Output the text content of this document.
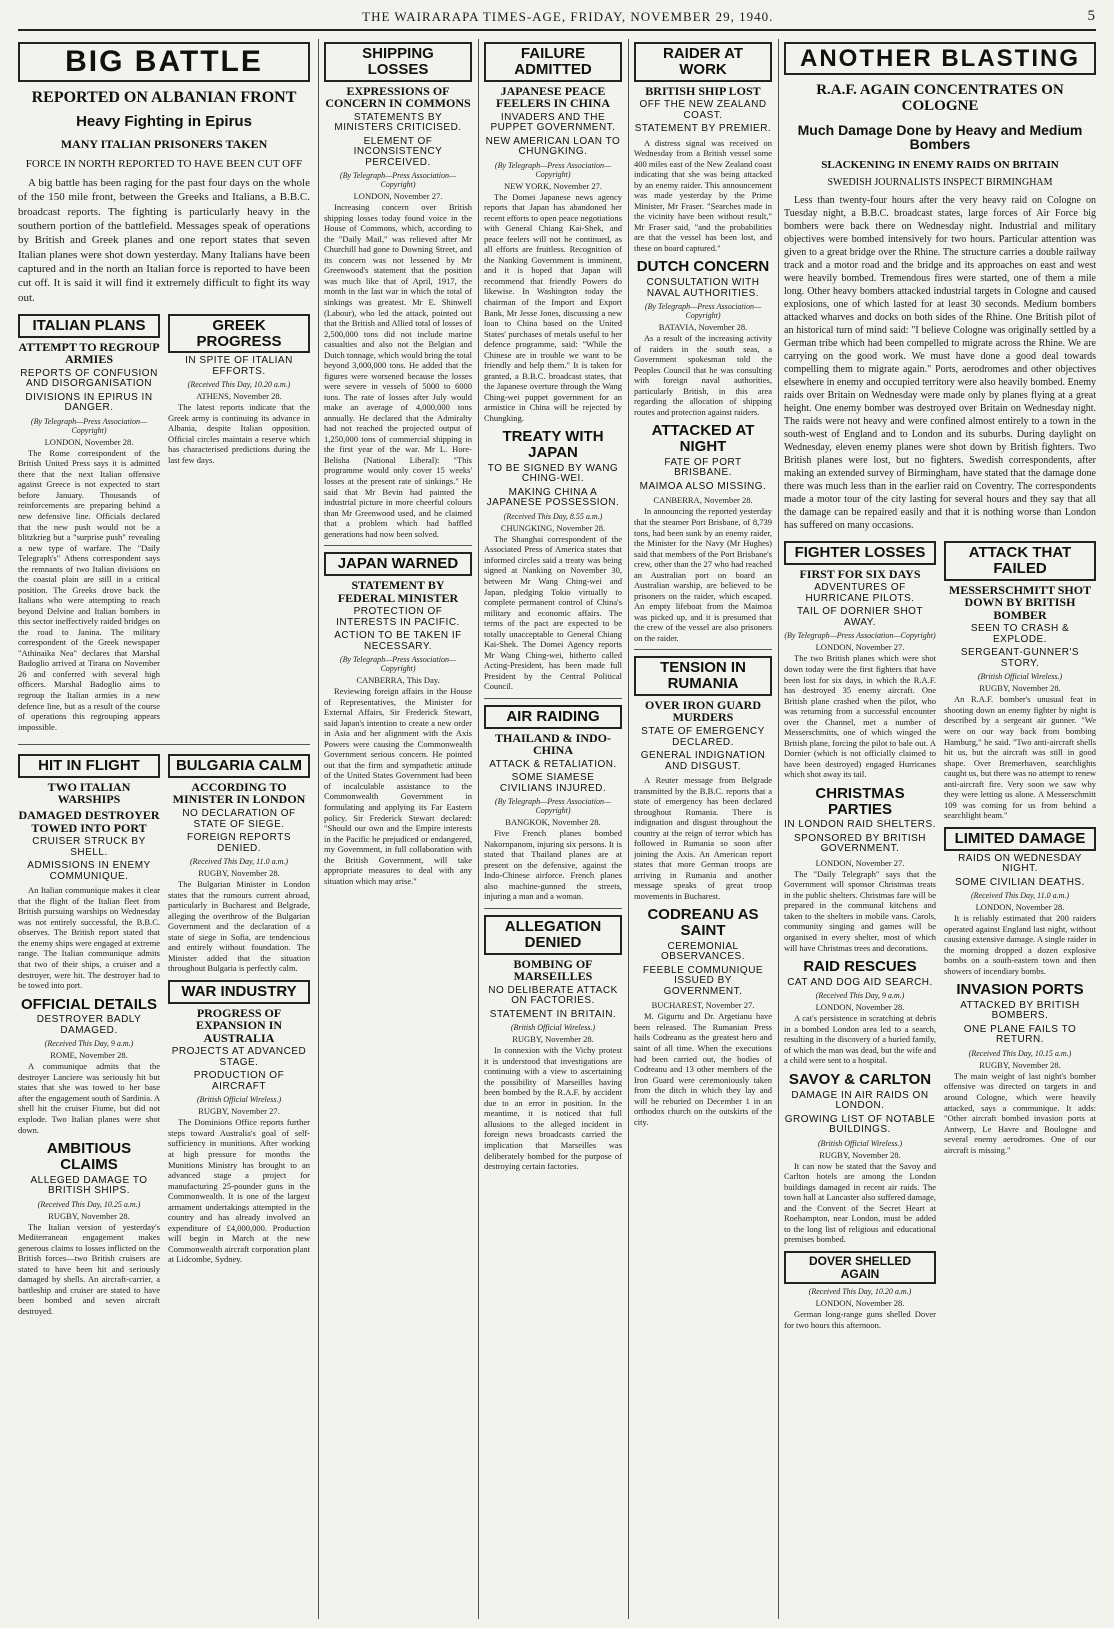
THE WAIRARAPA TIMES-AGE, FRIDAY, NOVEMBER 29, 1940.	5
BIG BATTLE
REPORTED ON ALBANIAN FRONT
Heavy Fighting in Epirus
MANY ITALIAN PRISONERS TAKEN
FORCE IN NORTH REPORTED TO HAVE BEEN CUT OFF

A big battle has been raging for the past four days on the whole of the 150 mile front, between the Greeks and Italians, a B.B.C. broadcast reports. The fighting is particularly heavy in the southern portion of the battlefield. Messages speak of operations by British and Greek planes and one report states that seven Italian planes were shot down yesterday. Many Italians have been captured and in the north an Italian force is reported to have been cut off. It is said it will find it extremely difficult to fight its way out.

ITALIAN PLANS
ATTEMPT TO REGROUP ARMIES
REPORTS OF CONFUSION AND DISORGANISATION
DIVISIONS IN EPIRUS IN DANGER.
(By Telegraph—Press Association—Copyright)
LONDON, November 28.

The Rome correspondent of the British United Press says it is admitted there that the next Italian offensive against Greece is not expected to start before January. Thousands of reinforcements are preparing behind a new defensive line. Officials declared that the new push would not be a blitzkrieg but a "surprise push" revealing a new type of warfare. The "Daily Telegraph's" Athens correspondent says the remnants of two Italian divisions on the coastal plain are still in a critical position. The Greeks drove back the Italians who were attempting to reach beyond Delvine and Italian bombers in this sector ineffectively raided bridges on the road to Janina. The military correspondent of the Greek newspaper "Athinaika Nea" declares that Marshal Badoglio arrived at Tirana on November 26 and conferred with several high officers. Marshal Badoglio aims to regroup the Italian armies in a new defence line, but as a result of the course of operations this regrouping appears impossible.

GREEK PROGRESS
IN SPITE OF ITALIAN EFFORTS.
(Received This Day, 10.20 a.m.)
ATHENS, November 28.

The latest reports indicate that the Greek army is continuing its advance in Albania, despite Italian opposition. Official circles maintain a reserve which has characterised predictions during the last few days.

HIT IN FLIGHT
TWO ITALIAN WARSHIPS
DAMAGED DESTROYER TOWED INTO PORT
CRUISER STRUCK BY SHELL.
ADMISSIONS IN ENEMY COMMUNIQUE.

An Italian communique makes it clear that the flight of the Italian fleet from British pursuing warships on Wednesday was not entirely successful, the B.B.C. observes. The British report stated that the enemy ships were engaged at extreme range. The Italian communique admits that two of their ships, a cruiser and a destroyer, were hit. The destroyer had to be towed into port.

OFFICIAL DETAILS
DESTROYER BADLY DAMAGED.
(Received This Day, 9 a.m.)
ROME, November 28.

A communique admits that the destroyer Lanciere was seriously hit but states that she was towed to her base after the engagement south of Sardinia. A shell hit the cruiser Fiume, but did not explode. Two Italian planes were shot down.

AMBITIOUS CLAIMS
ALLEGED DAMAGE TO BRITISH SHIPS.
(Received This Day, 10.25 a.m.)
RUGBY, November 28.

The Italian version of yesterday's Mediterranean engagement makes generous claims to losses inflicted on the British forces—two British cruisers are stated to have been hit and seriously damaged by shells. An aircraft-carrier, a battleship and cruiser are stated to have been bombed and seven aircraft destroyed.

BULGARIA CALM
ACCORDING TO MINISTER IN LONDON
NO DECLARATION OF STATE OF SIEGE.
FOREIGN REPORTS DENIED.
(Received This Day, 11.0 a.m.)
RUGBY, November 28.

The Bulgarian Minister in London states that the rumours current abroad, particularly in Bucharest and Belgrade, alleging the overthrow of the Bulgarian Government and the declaration of a state of siege in Sofia, are tendencious and entirely without foundation. The Minister added that the situation throughout Bulgaria is perfectly calm.

WAR INDUSTRY
PROGRESS OF EXPANSION IN AUSTRALIA
PROJECTS AT ADVANCED STAGE.
PRODUCTION OF AIRCRAFT
(British Official Wireless.)
RUGBY, November 27.

The Dominions Office reports further steps toward Australia's goal of self-sufficiency in munitions. After working at high pressure for months the Munitions Ministry has brought to an advanced stage a project for manufacturing 25-pounder guns in the Commonwealth. It is one of the largest armament undertakings attempted in the country and has already involved an expenditure of £4,000,000. Production will begin in March at the new Commonwealth aircraft corporation plant at Lidcombe, Sydney.

SHIPPING LOSSES
EXPRESSIONS OF CONCERN IN COMMONS
STATEMENTS BY MINISTERS CRITICISED.
ELEMENT OF INCONSISTENCY PERCEIVED.
(By Telegraph—Press Association—Copyright)
LONDON, November 27.

Increasing concern over British shipping losses today found voice in the House of Commons, which, according to the "Daily Mail," was relieved after Mr Churchill had gone to Downing Street, and its concern was not lessened by Mr Greenwood's statement that the position was much like that of April, 1917, the month in the last war in which the total of sinkings was greatest. Mr E. Shinwell (Labour), who led the attack, pointed out that the British and Allied total of losses of 2,500,000 tons did not include marine casualties and also not the Belgian and Dutch tonnage, which would bring the total beyond 3,000,000 tons. He added that the figures were worsened because the losses were severe in vessels of 5000 to 6000 tons. The rate of losses after July would make an average of 4,000,000 tons annually. He declared that the Admiralty had not reached the projected output of 1,250,000 tons of commercial shipping in the first year of the war. Mr L. Hore-Belisha (National Liberal): "This programme would only cover 15 weeks' losses at the present rate of sinkings." He said that Mr Bevin had painted the industrial picture in more cheerful colours than Mr Greenwood used, and he claimed that a problem which had baffled generations had now been solved.

JAPAN WARNED
STATEMENT BY FEDERAL MINISTER
PROTECTION OF INTERESTS IN PACIFIC.
ACTION TO BE TAKEN IF NECESSARY.
(By Telegraph—Press Association—Copyright)
CANBERRA, This Day.

Reviewing foreign affairs in the House of Representatives, the Minister for External Affairs, Sir Frederick Stewart, said Japan's intention to create a new order in Asia and her alignment with the Axis Powers were causing the Commonwealth Government serious concern. He pointed out that the firm and sympathetic attitude of the United States Government had been of incalculable assistance to the Commonwealth Government in formulating and applying its Far Eastern policy. Sir Frederick Stewart declared: "Should our own and the Empire interests in the Pacific be prejudiced or endangered, my Government, in full collaboration with the British Government, will take appropriate measures to deal with any situation which may arise."

FAILURE ADMITTED
JAPANESE PEACE FEELERS IN CHINA
INVADERS AND THE PUPPET GOVERNMENT.
NEW AMERICAN LOAN TO CHUNGKING.
(By Telegraph—Press Association—Copyright)
NEW YORK, November 27.

The Domei Japanese news agency reports that Japan has abandoned her recent efforts to open peace negotiations with General Chiang Kai-Shek, and peace feelers will not be continued, as all efforts are fruitless. Recognition of the Nanking Government is imminent, and it is hoped that Japan will recommend that friendly Powers do likewise. In Washington today the chairman of the Import and Export Bank, Mr Jesse Jones, discussing a new loan to China based on the United States' purchases of metals useful to her defence programme, said: "While the Chinese are in trouble we want to be friendly and help them." It is taken for granted, a B.B.C. broadcast states, that the Japanese overture through the Wang Ching-wei puppet government for an armistice in China will be rejected by Chungking.

TREATY WITH JAPAN
TO BE SIGNED BY WANG CHING-WEI.
MAKING CHINA A JAPANESE POSSESSION.
(Received This Day, 8.55 a.m.)
CHUNGKING, November 28.

The Shanghai correspondent of the Associated Press of America states that informed circles said a treaty was being signed at Nanking on November 30, between Mr Wang Ching-wei and Japan, pledging Tokio virtually to complete permanent control of China's military and economic affairs. The terms of the pact are expected to be totally unacceptable to General Chiang Kai-Shek. The Domei Agency reports Mr Wang Ching-wei, hitherto called Acting-President, has been made full President by the Central Political Council.

AIR RAIDING
THAILAND & INDO-CHINA
ATTACK & RETALIATION.
SOME SIAMESE CIVILIANS INJURED.
(By Telegraph—Press Association—Copyright)
BANGKOK, November 28.

Five French planes bombed Nakornpanom, injuring six persons. It is stated that Thailand planes are at present on the defensive, against the Indo-Chinese airforce. French planes also machine-gunned the streets, injuring a man and a woman.

ALLEGATION DENIED
BOMBING OF MARSEILLES
NO DELIBERATE ATTACK ON FACTORIES.
STATEMENT IN BRITAIN.
(British Official Wireless.)
RUGBY, November 28.

In connexion with the Vichy protest it is understood that investigations are continuing with a view to ascertaining the possibility of Marseilles having been bombed by the R.A.F. by accident due to an error in position. In the meantime, it is noticed that full allusions to the alleged incident in foreign news broadcasts carried the implication that Marseilles was deliberately bombed for the purpose of destroying certain factories.

RAIDER AT WORK
BRITISH SHIP LOST
OFF THE NEW ZEALAND COAST.
STATEMENT BY PREMIER.

A distress signal was received on Wednesday from a British vessel some 400 miles east of the New Zealand coast indicating that she was being attacked by an enemy raider. This announcement was made yesterday by the Prime Minister, Mr Fraser. "Searches made in the vicinity have been without result," Mr Fraser said, "and the probabilities are that the vessel has been lost, and these on board captured."

DUTCH CONCERN
CONSULTATION WITH NAVAL AUTHORITIES.
(By Telegraph—Press Association—Copyright)
BATAVIA, November 28.

As a result of the increasing activity of raiders in the south seas, a Government spokesman told the Peoples Council that he was consulting with foreign naval authorities, particularly British, in this area regarding the allocation of shipping routes and protection against raiders.

ATTACKED AT NIGHT
FATE OF PORT BRISBANE.
MAIMOA ALSO MISSING.
CANBERRA, November 28.

In announcing the reported yesterday that the steamer Port Brisbane, of 8,739 tons, had been sunk by an enemy raider, the Minister for the Navy (Mr Hughes) said that members of the Port Brisbane's crew, other than the 27 who had reached an Australian port on board an Australian warship, are believed to be prisoners on the raider, which escaped. An empty lifeboat from the Maimoa was picked up, and it is presumed that the crew of the vessel are also prisoners on the raider.

TENSION IN RUMANIA
OVER IRON GUARD MURDERS
STATE OF EMERGENCY DECLARED.
GENERAL INDIGNATION AND DISGUST.

A Reuter message from Belgrade transmitted by the B.B.C. reports that a state of emergency has been declared throughout Rumania. There is indignation and disgust throughout the country at the reign of terror which has followed in Rumania so soon after joining the Axis. An American report states that more German troops are arriving in Rumania and another message speaks of great troop movements in Bucharest.

CODREANU AS SAINT
CEREMONIAL OBSERVANCES.
FEEBLE COMMUNIQUE ISSUED BY GOVERNMENT.
BUCHAREST, November 27.

M. Gigurtu and Dr. Argetianu have been released. The Rumanian Press hails Codreanu as the greatest hero and saint of all time. When the executions had been carried out, the bodies of Codreanu and 13 other members of the Iron Guard were ceremoniously taken from the ditch in which they lay and will be reburied on December 1 in an orthodox church on the outskirts of the city.

ANOTHER BLASTING
R.A.F. AGAIN CONCENTRATES ON COLOGNE
Much Damage Done by Heavy and Medium Bombers
SLACKENING IN ENEMY RAIDS ON BRITAIN
SWEDISH JOURNALISTS INSPECT BIRMINGHAM

Less than twenty-four hours after the very heavy raid on Cologne on Tuesday night, a B.B.C. broadcast states, large forces of Air Force big bombers were back there on Wednesday night. Industrial and military objectives were bombed intensively for two hours. Particular attention was given to a great bridge over the Rhine. The structure carries a double railway track and a motor road and the bridge and its approaches on east and west were heavily bombed. Tremendous fires were started, one of them a mile long. Other heavy bombers attacked industrial targets in Cologne and caused explosions, one of which lasted for at least 30 seconds. Medium bombers attacked wharves and docks on both sides of the Rhine. One British pilot of an historical turn of mind said: "I believe Cologne was originally settled by a German tribe which had been compelled to migrate across the Rhine. We are carrying on the good work. We must have done a good deal towards compelling them to migrate again." Ports, aerodromes and other objectives elsewhere in enemy and occupied territory were also heavily bombed. Enemy raids over Britain on Wednesday were made only by planes flying at a great height. One enemy bomber was destroyed over Britain on Wednesday night. The raids were not heavy and were confined almost entirely to a town in the south-west of England and to London and its suburbs. During daylight on Wednesday, eleven enemy planes were shot down by British fighters. Two British planes were lost, but no fighters. Swedish correspondents, after making an extended survey of Birmingham, have stated that the damage done there was much less than in the earlier raid on Coventry. The correspondents made a motor tour of the city lasting for several hours and they say that all the damage can be repaired easily and that it is nothing worse than London has suffered on many occasions.

FIGHTER LOSSES
FIRST FOR SIX DAYS
ADVENTURES OF HURRICANE PILOTS.
TAIL OF DORNIER SHOT AWAY.
(By Telegraph—Press Association—Copyright)
LONDON, November 27.

The two British planes which were shot down today were the first fighters that have been lost for six days, in which the R.A.F. has destroyed 35 enemy aircraft. One British plane crashed when the pilot, who was returning from a successful encounter over the Channel, met a number of Messerschmitts, one of which winged the British plane, forcing the pilot to bale out. A Dornier (which is not officially claimed to have been destroyed) engaged Hurricanes which shot away its tail.

CHRISTMAS PARTIES
IN LONDON RAID SHELTERS.
SPONSORED BY BRITISH GOVERNMENT.
LONDON, November 27.

The "Daily Telegraph" says that the Government will sponsor Christmas treats in the public shelters. Christmas fare will be prepared in the communal kitchens and taken to the shelters in mobile vans. Carols, community singing and games will be organised in every shelter, most of which will have Christmas trees and decorations.

RAID RESCUES
CAT AND DOG AID SEARCH.
(Received This Day, 9 a.m.)
LONDON, November 28.

A cat's persistence in scratching at debris in a bombed London area led to a search, resulting in the discovery of a buried family, of which the man was dead, but the wife and a child were sent to a hospital.

SAVOY & CARLTON
DAMAGE IN AIR RAIDS ON LONDON.
GROWING LIST OF NOTABLE BUILDINGS.
(British Official Wireless.)
RUGBY, November 28.

It can now be stated that the Savoy and Carlton hotels are among the London buildings damaged in recent air raids. The town hall at Lancaster also suffered damage, and the Convent of the Secret Heart at Roehampton, near London, must be added to the long list of religious and educational premises bombed.

DOVER SHELLED AGAIN
(Received This Day, 10.20 a.m.)
LONDON, November 28.

German long-range guns shelled Dover for two hours this afternoon.

ATTACK THAT FAILED
MESSERSCHMITT SHOT DOWN BY BRITISH BOMBER
SEEN TO CRASH & EXPLODE.
SERGEANT-GUNNER'S STORY.
(British Official Wireless.)
RUGBY, November 28.

An R.A.F. bomber's unusual feat in shooting down an enemy fighter by night is described by a sergeant air gunner. "We were on our way back from bombing Hamburg," he said. "Two anti-aircraft shells hit us, but the aircraft was still in good shape. Over Bremerhaven, searchlights caught us, but there was no attempt to renew anti-aircraft fire. Very soon we saw why they were letting us alone. A Messerschmitt 109 was coming for us from behind a searchlight beam."

LIMITED DAMAGE
RAIDS ON WEDNESDAY NIGHT.
SOME CIVILIAN DEATHS.
(Received This Day, 11.0 a.m.)
LONDON, November 28.

It is reliably estimated that 200 raiders operated against England last night, without causing extensive damage. A single raider in the morning dropped a dozen explosive bombs on a south-eastern town and then showers of incendiary bombs.

INVASION PORTS
ATTACKED BY BRITISH BOMBERS.
ONE PLANE FAILS TO RETURN.
(Received This Day, 10.15 a.m.)
RUGBY, November 28.

The main weight of last night's bomber offensive was directed on targets in and around Cologne, which were heavily attacked, says a communique. It adds: "Other aircraft bombed invasion ports at Antwerp, Le Havre and Boulogne and several enemy aerodromes. One of our aircraft is missing."
